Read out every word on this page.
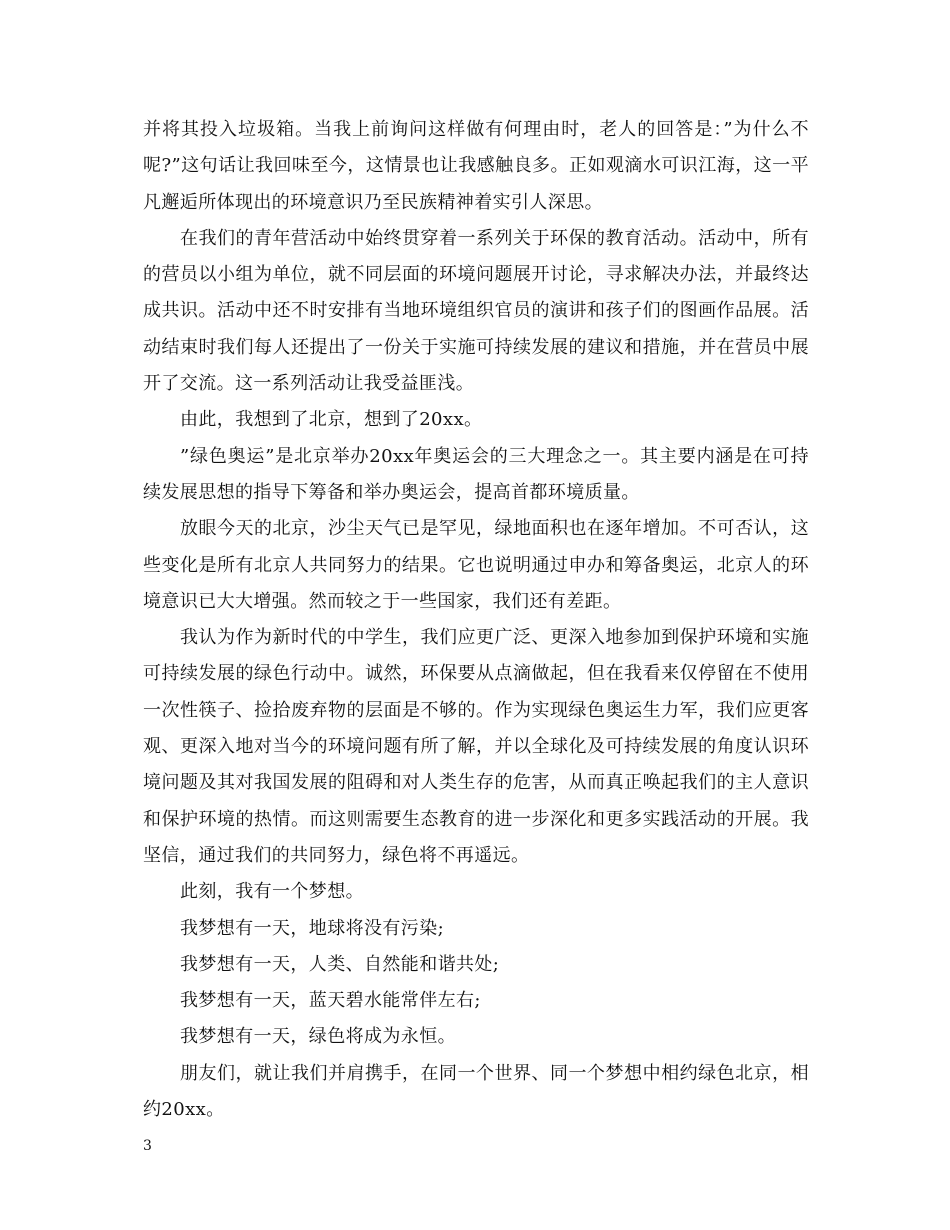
并将其投入垃圾箱。当我上前询问这样做有何理由时，老人的回答是：”为什么不呢?”这句话让我回味至今，这情景也让我感触良多。正如观滴水可识江海，这一平凡邂逅所体现出的环境意识乃至民族精神着实引人深思。

在我们的青年营活动中始终贯穿着一系列关于环保的教育活动。活动中，所有的营员以小组为单位，就不同层面的环境问题展开讨论，寻求解决办法，并最终达成共识。活动中还不时安排有当地环境组织官员的演讲和孩子们的图画作品展。活动结束时我们每人还提出了一份关于实施可持续发展的建议和措施，并在营员中展开了交流。这一系列活动让我受益匪浅。

由此，我想到了北京，想到了20xx。

”绿色奥运”是北京举办20xx年奥运会的三大理念之一。其主要内涵是在可持续发展思想的指导下筹备和举办奥运会，提高首都环境质量。

放眼今天的北京，沙尘天气已是罕见，绿地面积也在逐年增加。不可否认，这些变化是所有北京人共同努力的结果。它也说明通过申办和筹备奥运，北京人的环境意识已大大增强。然而较之于一些国家，我们还有差距。

我认为作为新时代的中学生，我们应更广泛、更深入地参加到保护环境和实施可持续发展的绿色行动中。诚然，环保要从点滴做起，但在我看来仅停留在不使用一次性筷子、捡拾废弃物的层面是不够的。作为实现绿色奥运生力军，我们应更客观、更深入地对当今的环境问题有所了解，并以全球化及可持续发展的角度认识环境问题及其对我国发展的阻碍和对人类生存的危害，从而真正唤起我们的主人意识和保护环境的热情。而这则需要生态教育的进一步深化和更多实践活动的开展。我坚信，通过我们的共同努力，绿色将不再遥远。

此刻，我有一个梦想。

我梦想有一天，地球将没有污染;

我梦想有一天，人类、自然能和谐共处;

我梦想有一天，蓝天碧水能常伴左右;

我梦想有一天，绿色将成为永恒。

朋友们，就让我们并肩携手，在同一个世界、同一个梦想中相约绿色北京，相约20xx。

3
